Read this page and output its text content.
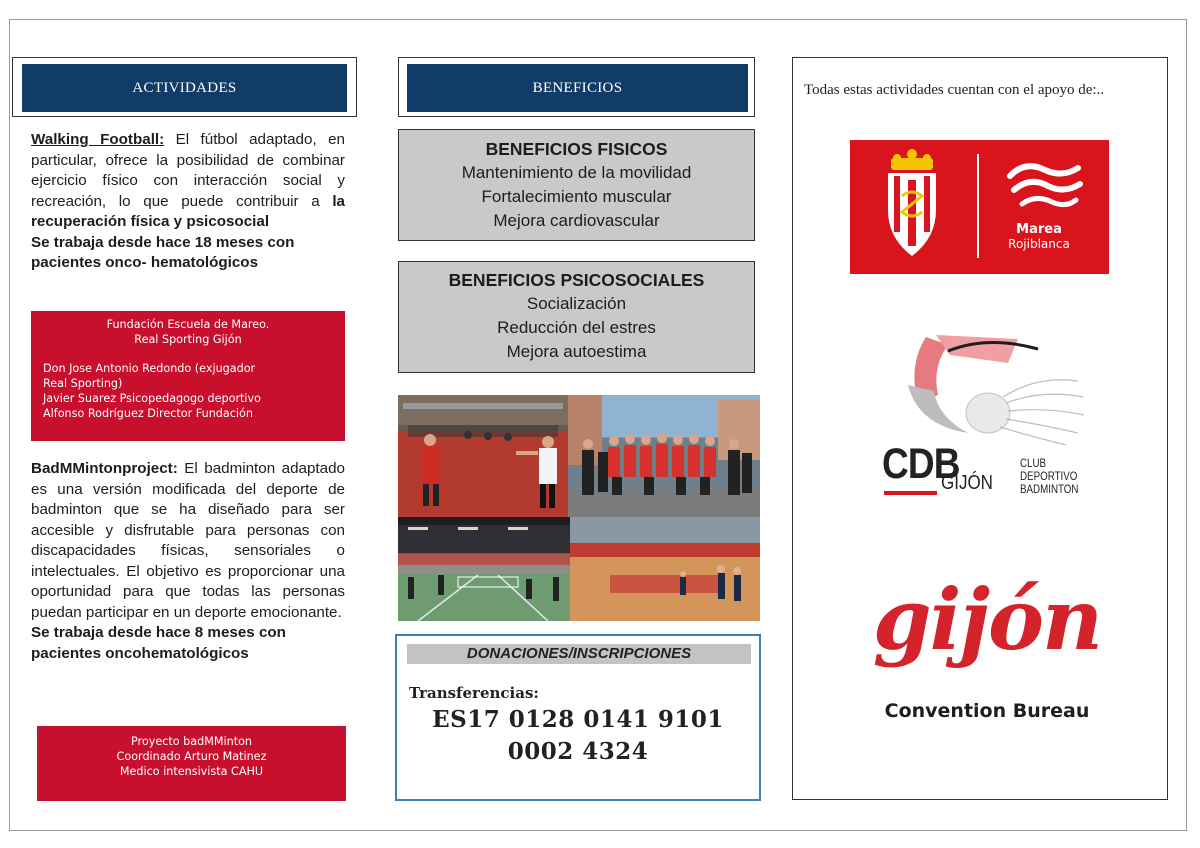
ACTIVIDADES
Walking Football: El fútbol adaptado, en particular, ofrece la posibilidad de combinar ejercicio físico con interacción social y recreación, lo que puede contribuir a la recuperación física y psicosocial
Se trabaja desde hace 18 meses con pacientes onco- hematológicos
Fundación Escuela de Mareo.
Real Sporting Gijón
Don Jose Antonio Redondo (exjugador
Real Sporting)
Javier Suarez Psicopedagogo deportivo
Alfonso Rodríguez Director Fundación
BadMMintonproject: El badminton adaptado es una versión modificada del deporte de badminton que se ha diseñado para ser accesible y disfrutable para personas con discapacidades físicas, sensoriales o intelectuales. El objetivo es proporcionar una oportunidad para que todas las personas puedan participar en un deporte emocionante.
Se trabaja desde hace 8 meses con pacientes oncohematológicos
Proyecto badMMinton
Coordinado Arturo Matinez
Medico intensivista CAHU
BENEFICIOS
BENEFICIOS FISICOS
Mantenimiento de la movilidad
Fortalecimiento muscular
Mejora cardiovascular
BENEFICIOS PSICOSOCIALES
Socialización
Reducción del estres
Mejora autoestima
DONACIONES/INSCRIPCIONES
Transferencias:
ES17 0128 0141 9101
0002 4324
Todas estas actividades cuentan con el apoyo de:..
Marea
Rojiblanca
CDB
GIJÓN
CLUB
DEPORTIVO
BADMINTON
gijón
Convention Bureau
